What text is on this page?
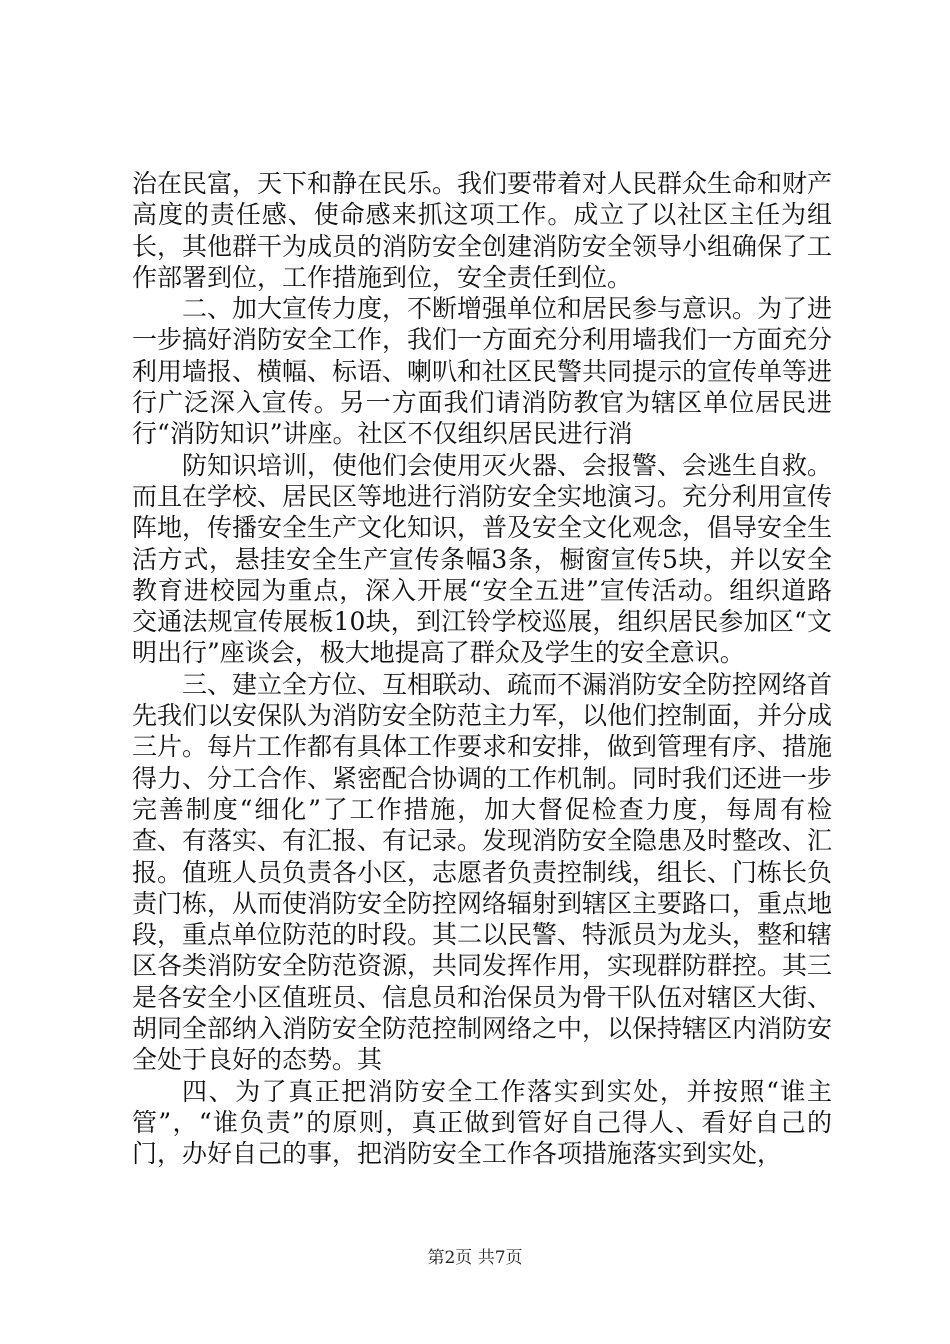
治在民富，天下和静在民乐。我们要带着对人民群众生命和财产高度的责任感、使命感来抓这项工作。成立了以社区主任为组长，其他群干为成员的消防安全创建消防安全领导小组确保了工作部署到位，工作措施到位，安全责任到位。

二、加大宣传力度，不断增强单位和居民参与意识。为了进一步搞好消防安全工作，我们一方面充分利用墙我们一方面充分利用墙报、横幅、标语、喇叭和社区民警共同提示的宣传单等进行广泛深入宣传。另一方面我们请消防教官为辖区单位居民进行“消防知识”讲座。社区不仅组织居民进行消

防知识培训，使他们会使用灭火器、会报警、会逃生自救。而且在学校、居民区等地进行消防安全实地演习。充分利用宣传阵地，传播安全生产文化知识，普及安全文化观念，倡导安全生活方式，悬挂安全生产宣传条幅3条，橱窗宣传5块，并以安全教育进校园为重点，深入开展“安全五进”宣传活动。组织道路交通法规宣传展板10块，到江铃学校巡展，组织居民参加区“文明出行”座谈会，极大地提高了群众及学生的安全意识。

三、建立全方位、互相联动、疏而不漏消防安全防控网络首先我们以安保队为消防安全防范主力军，以他们控制面，并分成三片。每片工作都有具体工作要求和安排，做到管理有序、措施得力、分工合作、紧密配合协调的工作机制。同时我们还进一步完善制度“细化”了工作措施，加大督促检查力度，每周有检查、有落实、有汇报、有记录。发现消防安全隐患及时整改、汇报。值班人员负责各小区，志愿者负责控制线，组长、门栋长负责门栋，从而使消防安全防控网络辐射到辖区主要路口，重点地段，重点单位防范的时段。其二以民警、特派员为龙头，整和辖区各类消防安全防范资源，共同发挥作用，实现群防群控。其三是各安全小区值班员、信息员和治保员为骨干队伍对辖区大街、胡同全部纳入消防安全防范控制网络之中，以保持辖区内消防安全处于良好的态势。其

四、为了真正把消防安全工作落实到实处，并按照“谁主管”，“谁负责”的原则，真正做到管好自己得人、看好自己的门，办好自己的事，把消防安全工作各项措施落实到实处，

第2页 共7页
